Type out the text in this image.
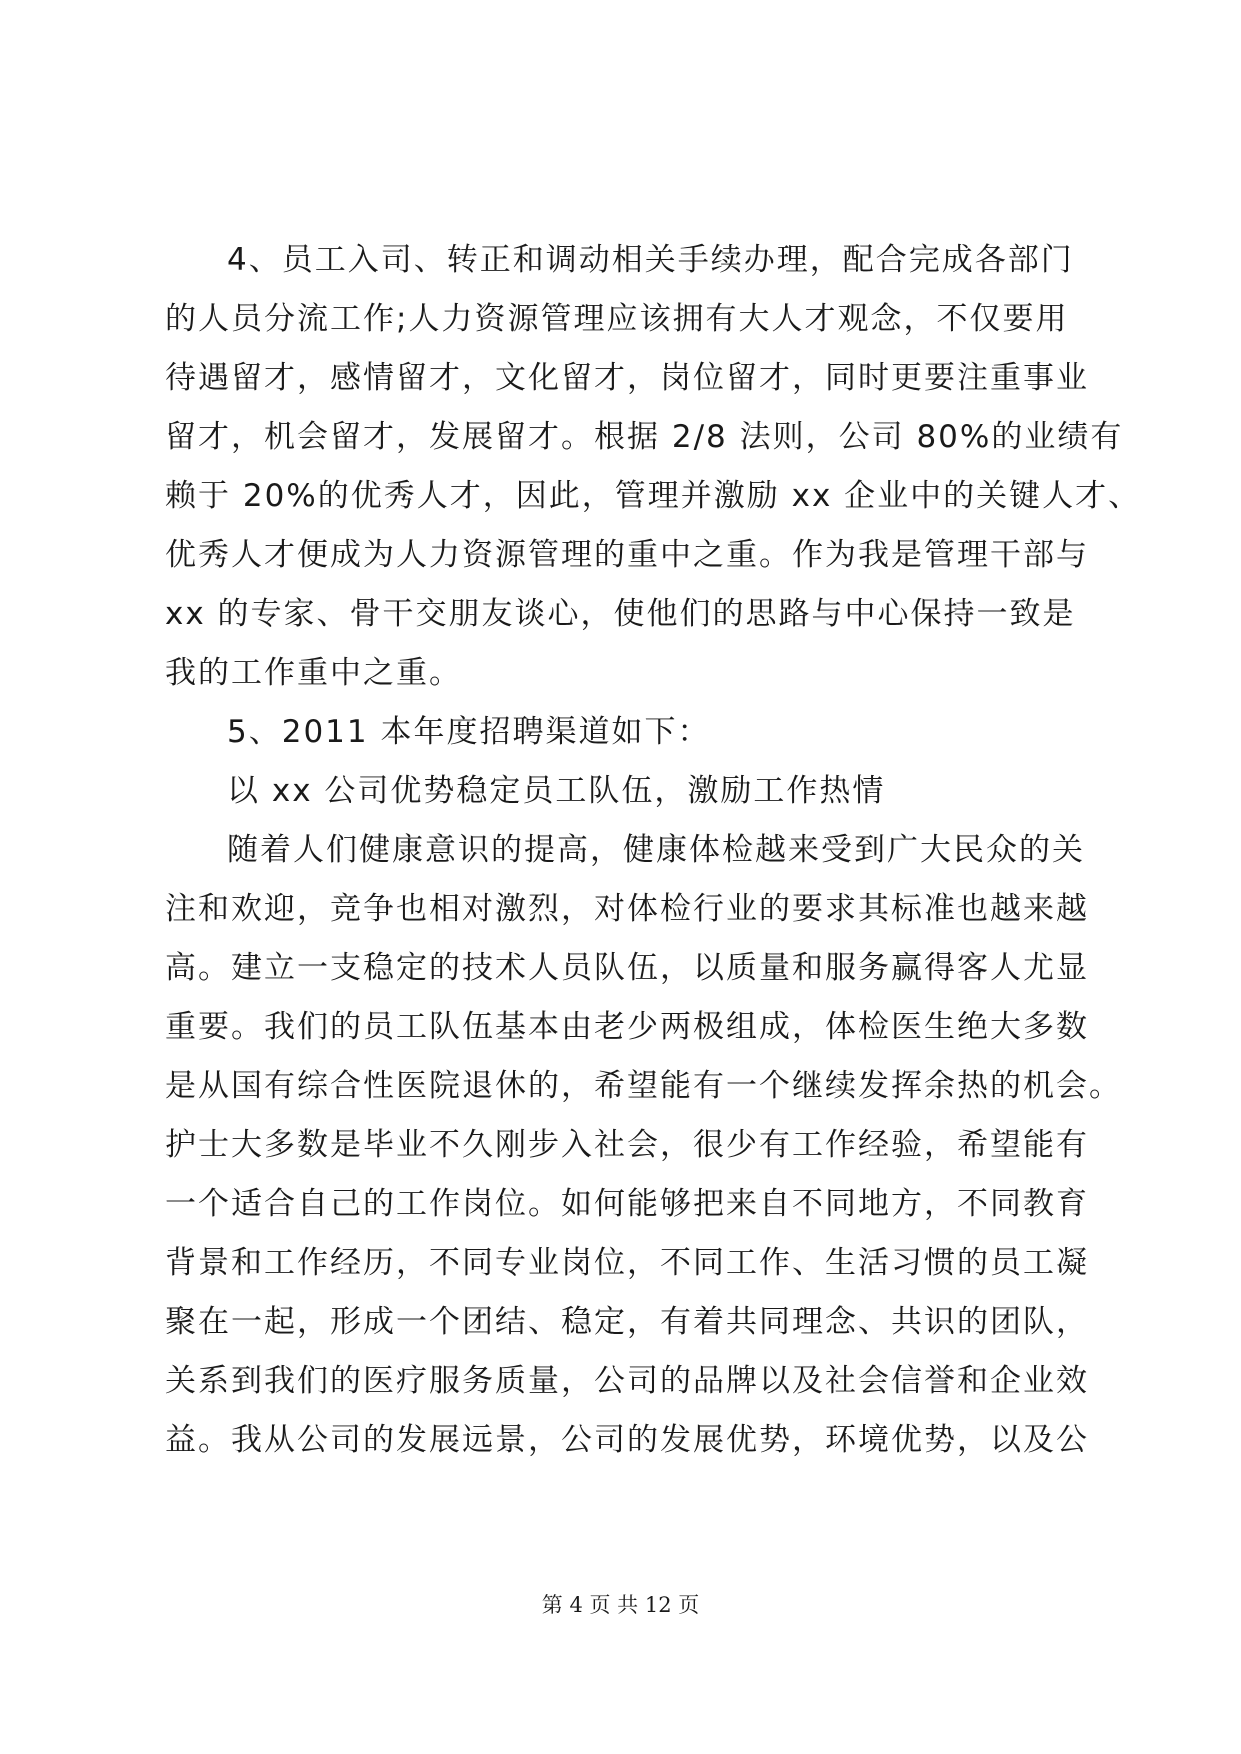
4、员工入司、转正和调动相关手续办理，配合完成各部门
的人员分流工作;人力资源管理应该拥有大人才观念，不仅要用
待遇留才，感情留才，文化留才，岗位留才，同时更要注重事业
留才，机会留才，发展留才。根据 2/8 法则，公司 80%的业绩有
赖于 20%的优秀人才，因此，管理并激励 xx 企业中的关键人才、
优秀人才便成为人力资源管理的重中之重。作为我是管理干部与
xx 的专家、骨干交朋友谈心，使他们的思路与中心保持一致是
我的工作重中之重。
5、2011 本年度招聘渠道如下：
以 xx 公司优势稳定员工队伍，激励工作热情
随着人们健康意识的提高，健康体检越来受到广大民众的关
注和欢迎，竞争也相对激烈，对体检行业的要求其标准也越来越
高。建立一支稳定的技术人员队伍，以质量和服务赢得客人尤显
重要。我们的员工队伍基本由老少两极组成，体检医生绝大多数
是从国有综合性医院退休的，希望能有一个继续发挥余热的机会。
护士大多数是毕业不久刚步入社会，很少有工作经验，希望能有
一个适合自己的工作岗位。如何能够把来自不同地方，不同教育
背景和工作经历，不同专业岗位，不同工作、生活习惯的员工凝
聚在一起，形成一个团结、稳定，有着共同理念、共识的团队，
关系到我们的医疗服务质量，公司的品牌以及社会信誉和企业效
益。我从公司的发展远景，公司的发展优势，环境优势，以及公
第 4 页 共 12 页
